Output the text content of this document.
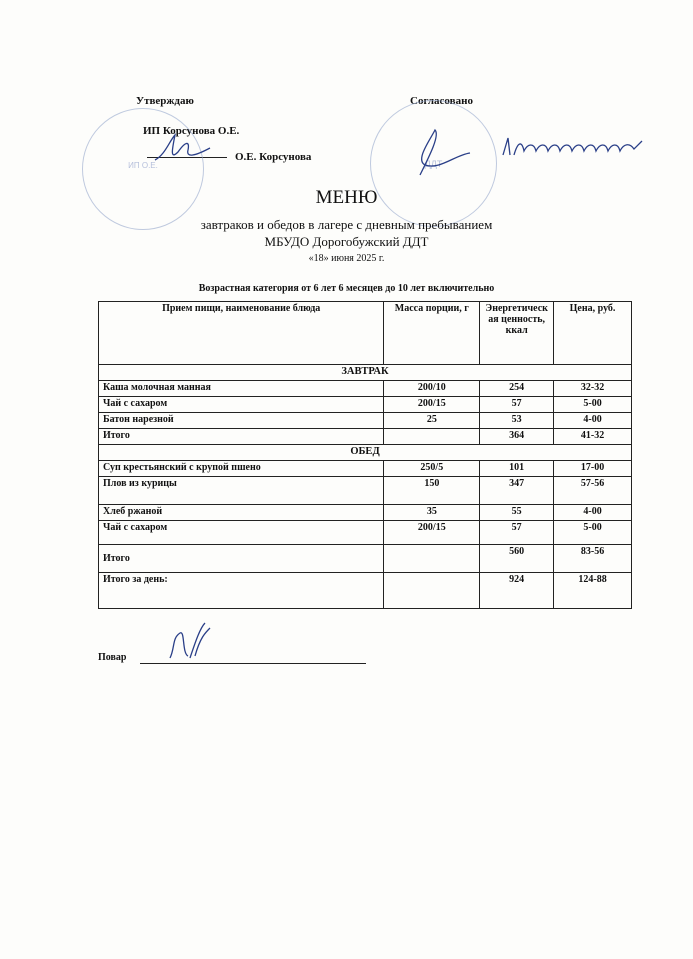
Утверждаю	Согласовано
ИП Корсунова О.Е.
О.Е. Корсунова
ИП О.Е.	ДДТ
МЕНЮ
завтраков и обедов в лагере с дневным пребыванием
МБУДО Дорогобужский ДДТ
«18» июня 2025 г.
Возрастная категория от 6 лет 6 месяцев до 10 лет включительно
Прием пищи, наименование блюда	Масса порции, г	Энергетическая ценность, ккал	Цена, руб.
ЗАВТРАК			
Каша молочная манная	200/10	254	32-32
Чай с сахаром	200/15	57	5-00
Батон нарезной	25	53	4-00
Итого		364	41-32
ОБЕД			
Суп крестьянский с крупой пшено	250/5	101	17-00
Плов из курицы	150	347	57-56
Хлеб ржаной	35	55	4-00
Чай с сахаром	200/15	57	5-00
Итого		560	83-56
Итого за день:		924	124-88
Повар
